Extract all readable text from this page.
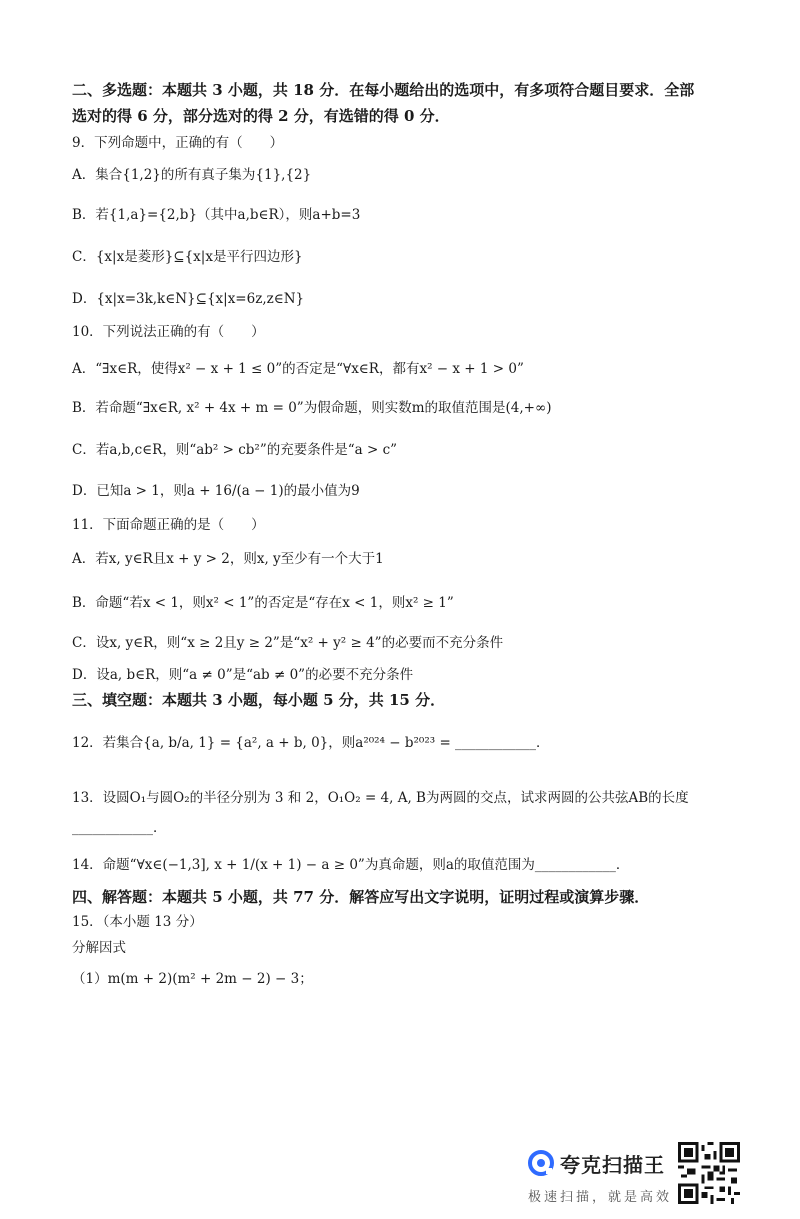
二、多选题：本题共 3 小题，共 18 分．在每小题给出的选项中，有多项符合题目要求．全部
选对的得 6 分，部分选对的得 2 分，有选错的得 0 分．
9．下列命题中，正确的有（　　）
A．集合{1,2}的所有真子集为{1},{2}
B．若{1,a}={2,b}（其中a,b∈R），则a+b=3
C．{x|x是菱形}⊆{x|x是平行四边形}
D．{x|x=3k,k∈N}⊆{x|x=6z,z∈N}
10．下列说法正确的有（　　）
A．“∃x∈R，使得x² − x + 1 ≤ 0”的否定是“∀x∈R，都有x² − x + 1 > 0”
B．若命题“∃x∈R, x² + 4x + m = 0”为假命题，则实数m的取值范围是(4,+∞)
C．若a,b,c∈R，则“ab² > cb²”的充要条件是“a > c”
D．已知a > 1，则a + 16/(a − 1)的最小值为9
11．下面命题正确的是（　　）
A．若x, y∈R且x + y > 2，则x, y至少有一个大于1
B．命题“若x < 1，则x² < 1”的否定是“存在x < 1，则x² ≥ 1”
C．设x, y∈R，则“x ≥ 2且y ≥ 2”是“x² + y² ≥ 4”的必要而不充分条件
D．设a, b∈R，则“a ≠ 0”是“ab ≠ 0”的必要不充分条件
三、填空题：本题共 3 小题，每小题 5 分，共 15 分．
12．若集合{a, b/a, 1} = {a², a + b, 0}，则a²⁰²⁴ − b²⁰²³ = ____________．
13．设圆O₁与圆O₂的半径分别为 3 和 2，O₁O₂ = 4, A, B为两圆的交点，试求两圆的公共弦AB的长度
____________．
14．命题“∀x∈(−1,3], x + 1/(x + 1) − a ≥ 0”为真命题，则a的取值范围为____________．
四、解答题：本题共 5 小题，共 77 分．解答应写出文字说明，证明过程或演算步骤．
15．（本小题 13 分）
分解因式
（1）m(m + 2)(m² + 2m − 2) − 3；
夸克扫描王
极速扫描，就是高效
